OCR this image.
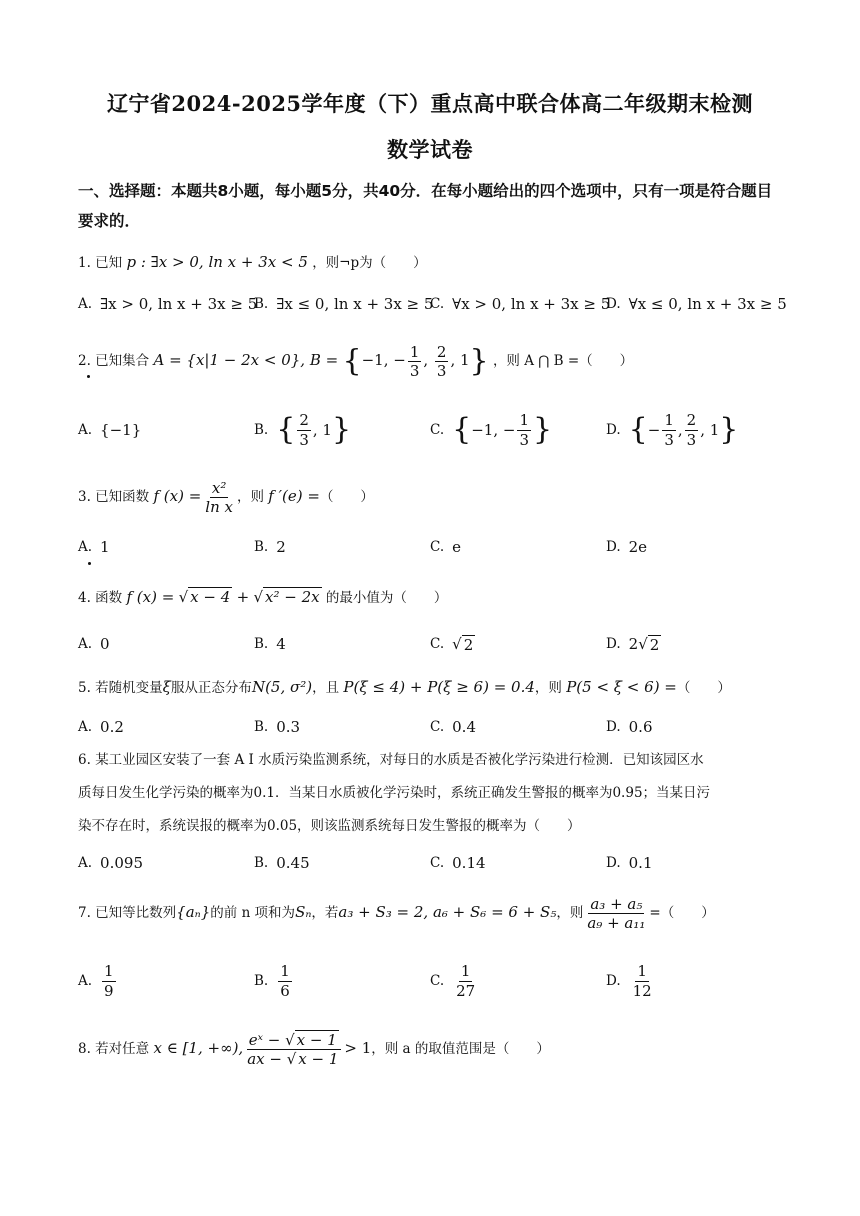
辽宁省2024-2025学年度（下）重点高中联合体高二年级期末检测
数学试卷
一、选择题：本题共8小题，每小题5分，共40分．在每小题给出的四个选项中，只有一项是符合题目要求的．
1. 已知 p : ∃x > 0, ln x + 3x < 5 ，则¬p为（　　）
A. ∃x > 0, ln x + 3x ≥ 5
B. ∃x ≤ 0, ln x + 3x ≥ 5
C. ∀x > 0, ln x + 3x ≥ 5
D. ∀x ≤ 0, ln x + 3x ≥ 5
2. 已知集合 A = {x|1 − 2x < 0}, B = {−1, − $\frac{1}{3}$ , $\frac{2}{3}$ , 1} ，则 A ⋂ B =（　　）
A. {−1}	B. { $\frac{2}{3}$ , 1 }	C. { −1, − $\frac{1}{3}$ }	D. { − $\frac{1}{3}$ , $\frac{2}{3}$ , 1 }
3. 已知函数 f $(x) = \frac{\text{x²}}{\text{ln x}}$ ，则 f ′(e) =（　　）
A. 1	B. 2	C. e	D. 2e
4. 函数 f (x) = √ x − 4 + √ x² − 2x 的最小值为（　　）
A. 0	B. 4	C. √ 2	D. 2 √ 2
5. 若随机变量ξ服从正态分布N(5, σ²)，且 P(ξ ≤ 4) + P(ξ ≥ 6) = 0.4，则 P(5 < ξ < 6) =（　　）
A. 0.2	B. 0.3	C. 0.4	D. 0.6
6. 某工业园区安装了一套 A Ⅰ 水质污染监测系统，对每日的水质是否被化学污染进行检测．已知该园区水
质每日发生化学污染的概率为0.1．当某日水质被化学污染时，系统正确发生警报的概率为0.95；当某日污
染不存在时，系统误报的概率为0.05，则该监测系统每日发生警报的概率为（　　）
A. 0.095	B. 0.45	C. 0.14	D. 0.1
7. 已知等比数列{aₙ}的前 n 项和为Sₙ，若a₃ + S₃ = 2, a₆ + S₆ = 6 + S₅，则 $\frac{\text{a₃ + a₅}}{\text{a₉ + a₁₁}}$ =（　　）
A. $\frac{1}{9}$	B. $\frac{1}{6}$	C. $\frac{1}{27}$	D. $\frac{1}{12}$
8. 若对任意 x ∈ [1, +∞), $\frac{\text{eˣ − √ x − 1}}{ax - √ x - 1} > 1$，则 a 的取值范围是（　　）
